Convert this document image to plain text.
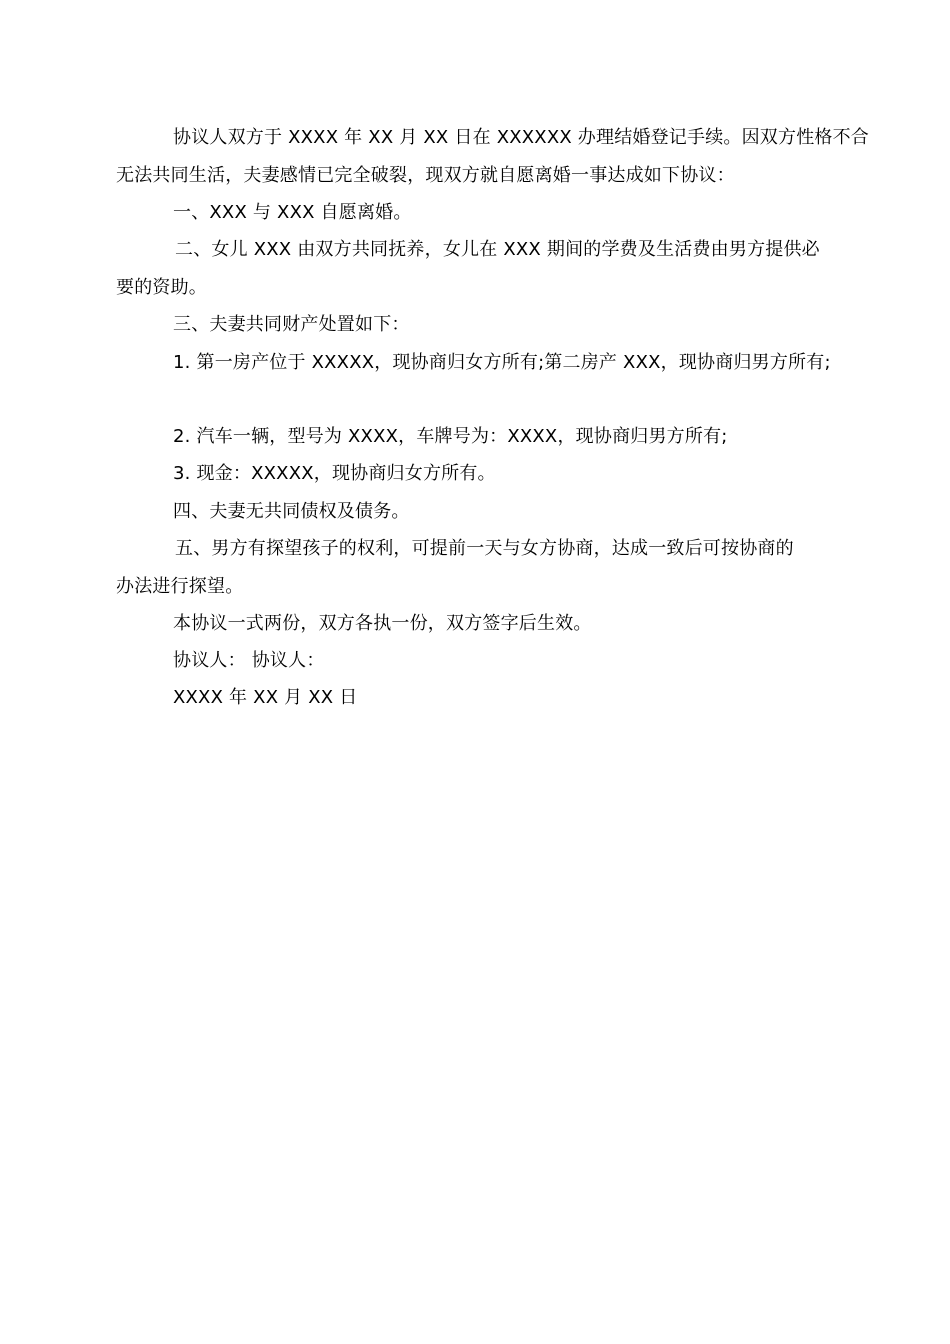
协议人双方于 XXXX 年 XX 月 XX 日在 XXXXXX 办理结婚登记手续。因双方性格不合
无法共同生活，夫妻感情已完全破裂，现双方就自愿离婚一事达成如下协议：
一、XXX 与 XXX 自愿离婚。
二、女儿 XXX 由双方共同抚养，女儿在 XXX 期间的学费及生活费由男方提供必
要的资助。
三、夫妻共同财产处置如下：
1. 第一房产位于 XXXXX，现协商归女方所有;第二房产 XXX，现协商归男方所有;
2. 汽车一辆，型号为 XXXX，车牌号为：XXXX，现协商归男方所有;
3. 现金：XXXXX，现协商归女方所有。
四、夫妻无共同债权及债务。
五、男方有探望孩子的权利，可提前一天与女方协商，达成一致后可按协商的
办法进行探望。
本协议一式两份，双方各执一份，双方签字后生效。
协议人： 协议人：
XXXX 年 XX 月 XX 日
